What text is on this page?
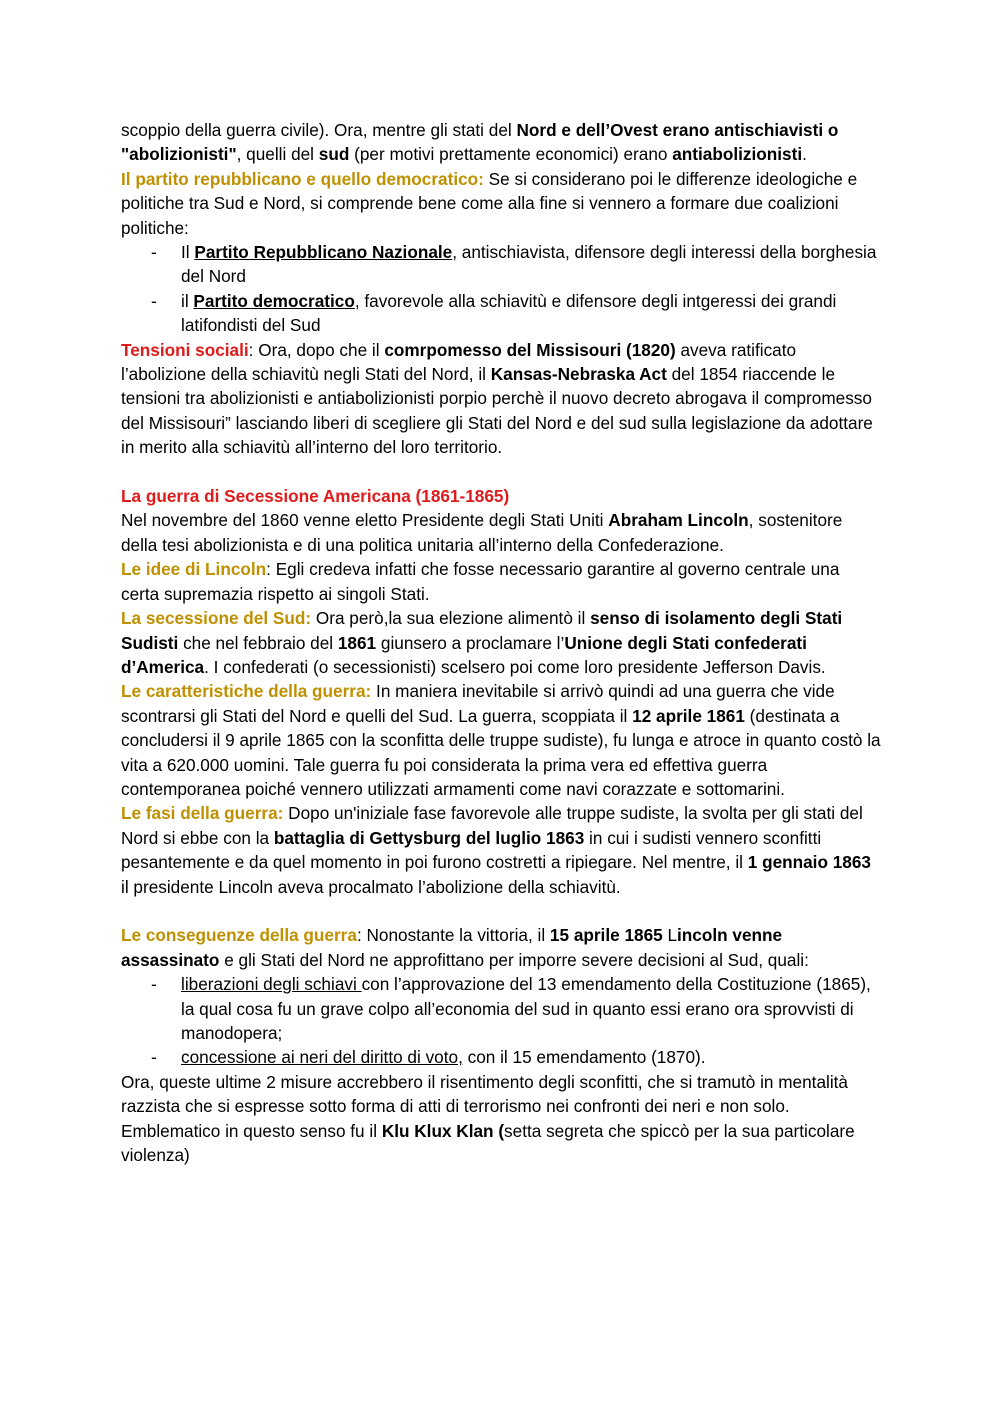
scoppio della guerra civile). Ora, mentre gli stati del Nord e dell’Ovest erano antischiavisti o "abolizionisti", quelli del sud (per motivi prettamente economici) erano antiabolizionisti.

Il partito repubblicano e quello democratico: Se si considerano poi le differenze ideologiche e politiche tra Sud e Nord, si comprende bene come alla fine si vennero a formare due coalizioni politiche:

- Il Partito Repubblicano Nazionale, antischiavista, difensore degli interessi della borghesia del Nord
- il Partito democratico, favorevole alla schiavitù e difensore degli intgeressi dei grandi latifondisti del Sud

Tensioni sociali: Ora, dopo che il comrpomesso del Missisouri (1820) aveva ratificato l’abolizione della schiavitù negli Stati del Nord, il Kansas-Nebraska Act del 1854 riaccende le tensioni tra abolizionisti e antiabolizionisti porpio perchè il nuovo decreto abrogava il compromesso del Missisouri” lasciando liberi di scegliere gli Stati del Nord e del sud sulla legislazione da adottare in merito alla schiavitù all’interno del loro territorio.

La guerra di Secessione Americana (1861-1865)

Nel novembre del 1860 venne eletto Presidente degli Stati Uniti Abraham Lincoln, sostenitore della tesi abolizionista e di una politica unitaria all’interno della Confederazione.

Le idee di Lincoln: Egli credeva infatti che fosse necessario garantire al governo centrale una certa supremazia rispetto ai singoli Stati.

La secessione del Sud: Ora però,la sua elezione alimentò il senso di isolamento degli Stati Sudisti che nel febbraio del 1861 giunsero a proclamare l’Unione degli Stati confederati d’America. I confederati (o secessionisti) scelsero poi come loro presidente Jefferson Davis.

Le caratteristiche della guerra: In maniera inevitabile si arrivò quindi ad una guerra che vide scontrarsi gli Stati del Nord e quelli del Sud. La guerra, scoppiata il 12 aprile 1861 (destinata a concludersi il 9 aprile 1865 con la sconfitta delle truppe sudiste), fu lunga e atroce in quanto costò la vita a 620.000 uomini. Tale guerra fu poi considerata la prima vera ed effettiva guerra contemporanea poiché vennero utilizzati armamenti come navi corazzate e sottomarini.

Le fasi della guerra: Dopo un'iniziale fase favorevole alle truppe sudiste, la svolta per gli stati del Nord si ebbe con la battaglia di Gettysburg del luglio 1863 in cui i sudisti vennero sconfitti pesantemente e da quel momento in poi furono costretti a ripiegare. Nel mentre, il 1 gennaio 1863 il presidente Lincoln aveva procalmato l’abolizione della schiavitù.

Le conseguenze della guerra: Nonostante la vittoria, il 15 aprile 1865 Lincoln venne assassinato e gli Stati del Nord ne approfittano per imporre severe decisioni al Sud, quali:

- liberazioni degli schiavi con l’approvazione del 13 emendamento della Costituzione (1865), la qual cosa fu un grave colpo all’economia del sud in quanto essi erano ora sprovvisti di manodopera;
- concessione ai neri del diritto di voto, con il 15 emendamento (1870).

Ora, queste ultime 2 misure accrebbero il risentimento degli sconfitti, che si tramutò in mentalità razzista che si espresse sotto forma di atti di terrorismo nei confronti dei neri e non solo. Emblematico in questo senso fu il Klu Klux Klan (setta segreta che spiccò per la sua particolare violenza)
